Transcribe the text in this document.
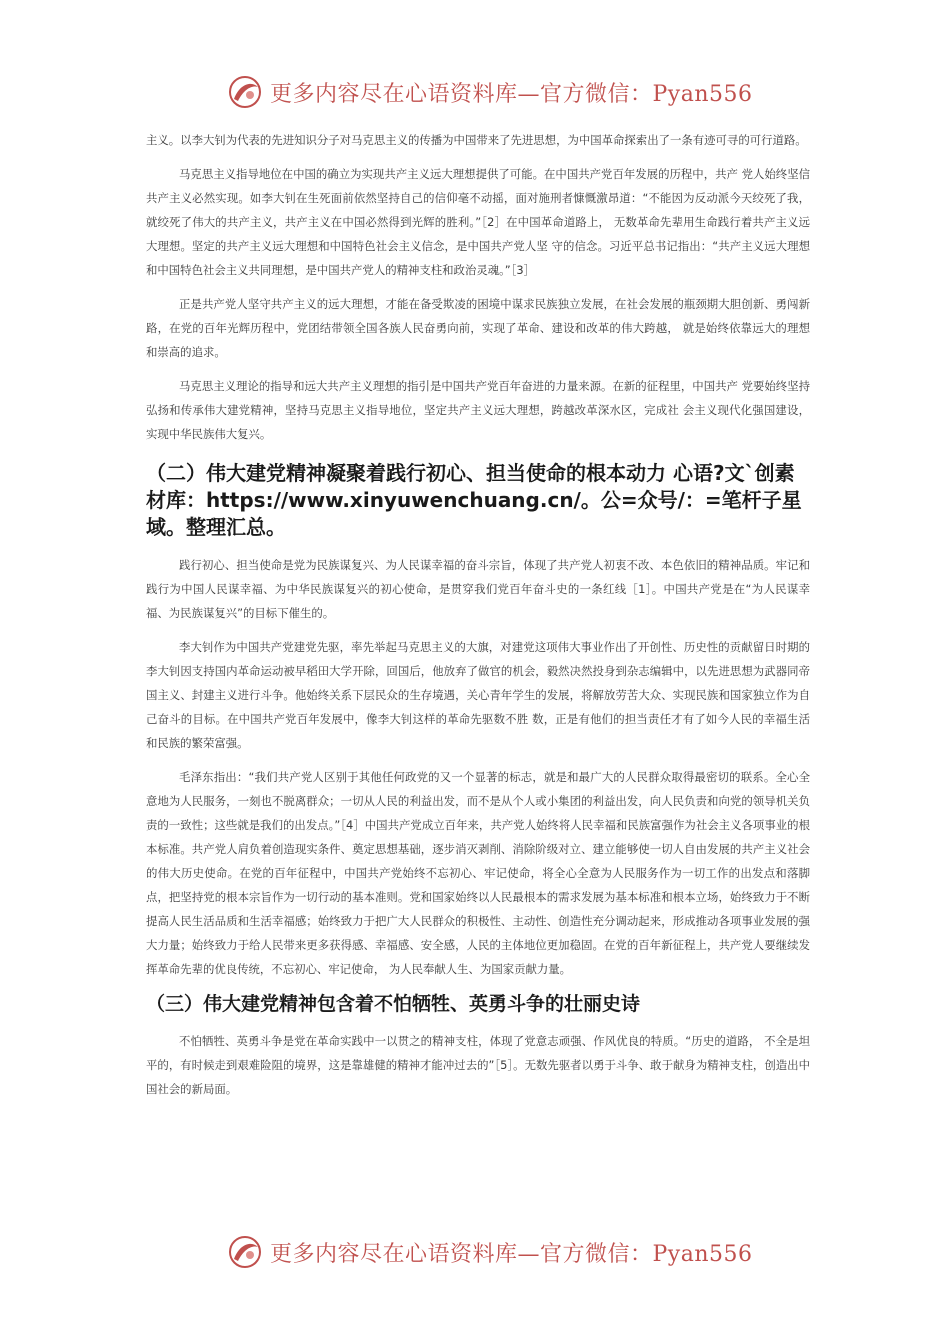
更多内容尽在心语资料库—官方微信：Pyan556

主义。以李大钊为代表的先进知识分子对马克思主义的传播为中国带来了先进思想，为中国革命探索出了一条有迹可寻的可行道路。

马克思主义指导地位在中国的确立为实现共产主义远大理想提供了可能。在中国共产党百年发展的历程中，共产 党人始终坚信共产主义必然实现。如李大钊在生死面前依然坚持自己的信仰毫不动摇，面对施刑者慷慨激昂道：“不能因为反动派今天绞死了我，就绞死了伟大的共产主义，共产主义在中国必然得到光辉的胜利。”［2］在中国革命道路上， 无数革命先辈用生命践行着共产主义远大理想。坚定的共产主义远大理想和中国特色社会主义信念，是中国共产党人坚 守的信念。习近平总书记指出：“共产主义远大理想和中国特色社会主义共同理想，是中国共产党人的精神支柱和政治灵魂。”［3］

正是共产党人坚守共产主义的远大理想，才能在备受欺凌的困境中谋求民族独立发展，在社会发展的瓶颈期大胆创新、勇闯新路，在党的百年光辉历程中，党团结带领全国各族人民奋勇向前，实现了革命、建设和改革的伟大跨越， 就是始终依靠远大的理想和崇高的追求。

马克思主义理论的指导和远大共产主义理想的指引是中国共产党百年奋进的力量来源。在新的征程里，中国共产 党要始终坚持弘扬和传承伟大建党精神，坚持马克思主义指导地位，坚定共产主义远大理想，跨越改革深水区，完成社 会主义现代化强国建设，实现中华民族伟大复兴。

（二）伟大建党精神凝聚着践行初心、担当使命的根本动力 心语?文`创素材库：https://www.xinyuwenchuang.cn/。公=众号/：=笔杆子星域。整理汇总。

践行初心、担当使命是党为民族谋复兴、为人民谋幸福的奋斗宗旨，体现了共产党人初衷不改、本色依旧的精神品质。牢记和践行为中国人民谋幸福、为中华民族谋复兴的初心使命，是贯穿我们党百年奋斗史的一条红线［1］。中国共产党是在“为人民谋幸福、为民族谋复兴”的目标下催生的。

李大钊作为中国共产党建党先驱，率先举起马克思主义的大旗，对建党这项伟大事业作出了开创性、历史性的贡献留日时期的李大钊因支持国内革命运动被早稻田大学开除，回国后，他放弃了做官的机会，毅然决然投身到杂志编辑中，以先进思想为武器同帝国主义、封建主义进行斗争。他始终关系下层民众的生存境遇，关心青年学生的发展，将解放劳苦大众、实现民族和国家独立作为自己奋斗的目标。在中国共产党百年发展中，像李大钊这样的革命先驱数不胜 数，正是有他们的担当责任才有了如今人民的幸福生活和民族的繁荣富强。

毛泽东指出：“我们共产党人区别于其他任何政党的又一个显著的标志，就是和最广大的人民群众取得最密切的联系。全心全意地为人民服务，一刻也不脱离群众；一切从人民的利益出发，而不是从个人或小集团的利益出发，向人民负责和向党的领导机关负责的一致性；这些就是我们的出发点。”［4］中国共产党成立百年来，共产党人始终将人民幸福和民族富强作为社会主义各项事业的根本标准。共产党人肩负着创造现实条件、奠定思想基础，逐步消灭剥削、消除阶级对立、建立能够使一切人自由发展的共产主义社会的伟大历史使命。在党的百年征程中，中国共产党始终不忘初心、牢记使命，将全心全意为人民服务作为一切工作的出发点和落脚点，把坚持党的根本宗旨作为一切行动的基本准则。党和国家始终以人民最根本的需求发展为基本标准和根本立场，始终致力于不断提高人民生活品质和生活幸福感；始终致力于把广大人民群众的积极性、主动性、创造性充分调动起来，形成推动各项事业发展的强大力量；始终致力于给人民带来更多获得感、幸福感、安全感，人民的主体地位更加稳固。在党的百年新征程上，共产党人要继续发挥革命先辈的优良传统，不忘初心、牢记使命， 为人民奉献人生、为国家贡献力量。

（三）伟大建党精神包含着不怕牺牲、英勇斗争的壮丽史诗

不怕牺牲、英勇斗争是党在革命实践中一以贯之的精神支柱，体现了党意志顽强、作风优良的特质。“历史的道路， 不全是坦平的，有时候走到艰难险阻的境界，这是靠雄健的精神才能冲过去的”［5］。无数先驱者以勇于斗争、敢于献身为精神支柱，创造出中国社会的新局面。

更多内容尽在心语资料库—官方微信：Pyan556
